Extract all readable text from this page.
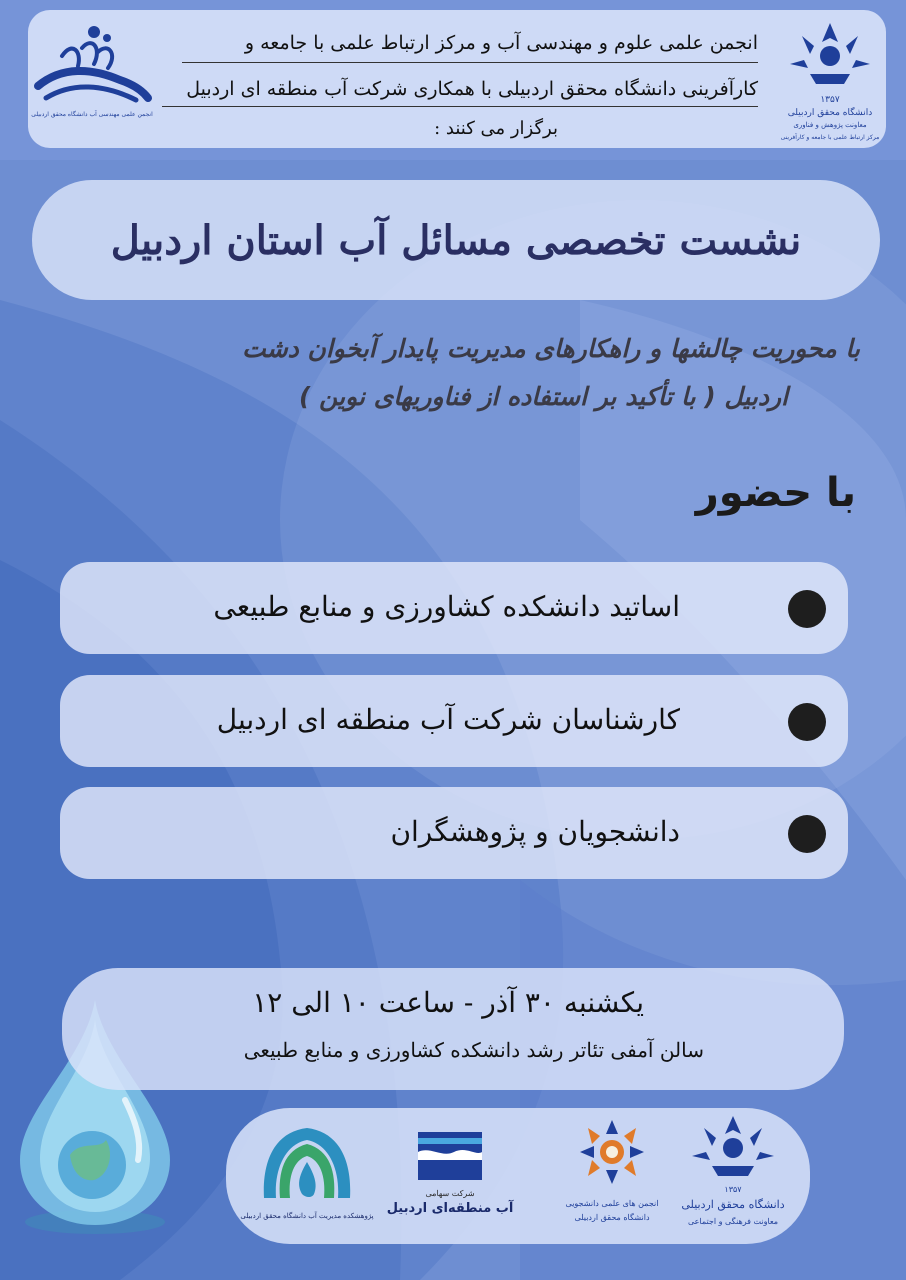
۱۳۵۷
دانشگاه محقق اردبیلی
معاونت پژوهش و فناوری
مرکز ارتباط علمی با جامعه و کارآفرینی
انجمن علمی مهندسی آب دانشگاه محقق اردبیلی
انجمن علمی علوم و مهندسی آب و مرکز ارتباط علمی با جامعه و
کارآفرینی دانشگاه محقق اردبیلی با همکاری شرکت آب منطقه ای اردبیل
برگزار می کنند :
نشست تخصصی مسائل آب استان اردبیل
با محوریت چالشها و راهکارهای مدیریت پایدار آبخوان دشت
اردبیل ( با تأکید بر استفاده از فناوریهای نوین )
با حضور
اساتید دانشکده کشاورزی و منابع طبیعی
کارشناسان شرکت آب منطقه ای اردبیل
دانشجویان و پژوهشگران
یکشنبه ۳۰ آذر - ساعت ۱۰ الی ۱۲
سالن آمفی تئاتر رشد دانشکده کشاورزی و منابع طبیعی
۱۳۵۷
دانشگاه محقق اردبیلی
معاونت فرهنگی و اجتماعی
انجمن های علمی دانشجویی
دانشگاه محقق اردبیلی
شرکت سهامی
آب منطقه‌ای اردبیل
پژوهشکده مدیریت آب دانشگاه محقق اردبیلی
